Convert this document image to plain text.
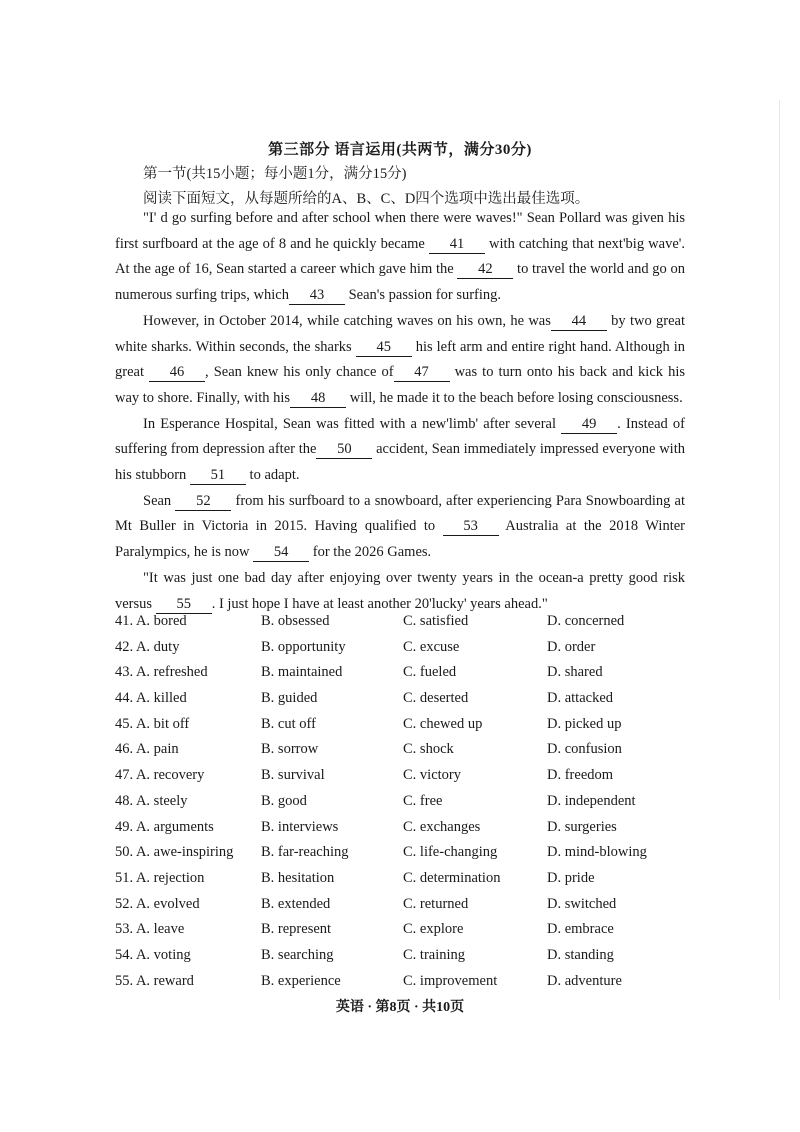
第三部分 语言运用(共两节，满分30分)
第一节(共15小题；每小题1分，满分15分)
阅读下面短文，从每题所给的A、B、C、D四个选项中选出最佳选项。

"I' d go surfing before and after school when there were waves!" Sean Pollard was given his first surfboard at the age of 8 and he quickly became 41 with catching that next'big wave'. At the age of 16, Sean started a career which gave him the 42 to travel the world and go on numerous surfing trips, which 43 Sean's passion for surfing.

However, in October 2014, while catching waves on his own, he was 44 by two great white sharks. Within seconds, the sharks 45 his left arm and entire right hand. Although in great 46 , Sean knew his only chance of 47 was to turn onto his back and kick his way to shore. Finally, with his 48 will, he made it to the beach before losing consciousness.

In Esperance Hospital, Sean was fitted with a new'limb' after several 49 . Instead of suffering from depression after the 50 accident, Sean immediately impressed everyone with his stubborn 51 to adapt.

Sean 52 from his surfboard to a snowboard, after experiencing Para Snowboarding at Mt Buller in Victoria in 2015. Having qualified to 53 Australia at the 2018 Winter Paralympics, he is now 54 for the 2026 Games.

"It was just one bad day after enjoying over twenty years in the ocean-a pretty good risk versus 55 . I just hope I have at least another 20'lucky' years ahead."

41. A. bored	B. obsessed	C. satisfied	D. concerned
42. A. duty	B. opportunity	C. excuse	D. order
43. A. refreshed	B. maintained	C. fueled	D. shared
44. A. killed	B. guided	C. deserted	D. attacked
45. A. bit off	B. cut off	C. chewed up	D. picked up
46. A. pain	B. sorrow	C. shock	D. confusion
47. A. recovery	B. survival	C. victory	D. freedom
48. A. steely	B. good	C. free	D. independent
49. A. arguments	B. interviews	C. exchanges	D. surgeries
50. A. awe-inspiring	B. far-reaching	C. life-changing	D. mind-blowing
51. A. rejection	B. hesitation	C. determination	D. pride
52. A. evolved	B. extended	C. returned	D. switched
53. A. leave	B. represent	C. explore	D. embrace
54. A. voting	B. searching	C. training	D. standing
55. A. reward	B. experience	C. improvement	D. adventure
英语 · 第8页 · 共10页
